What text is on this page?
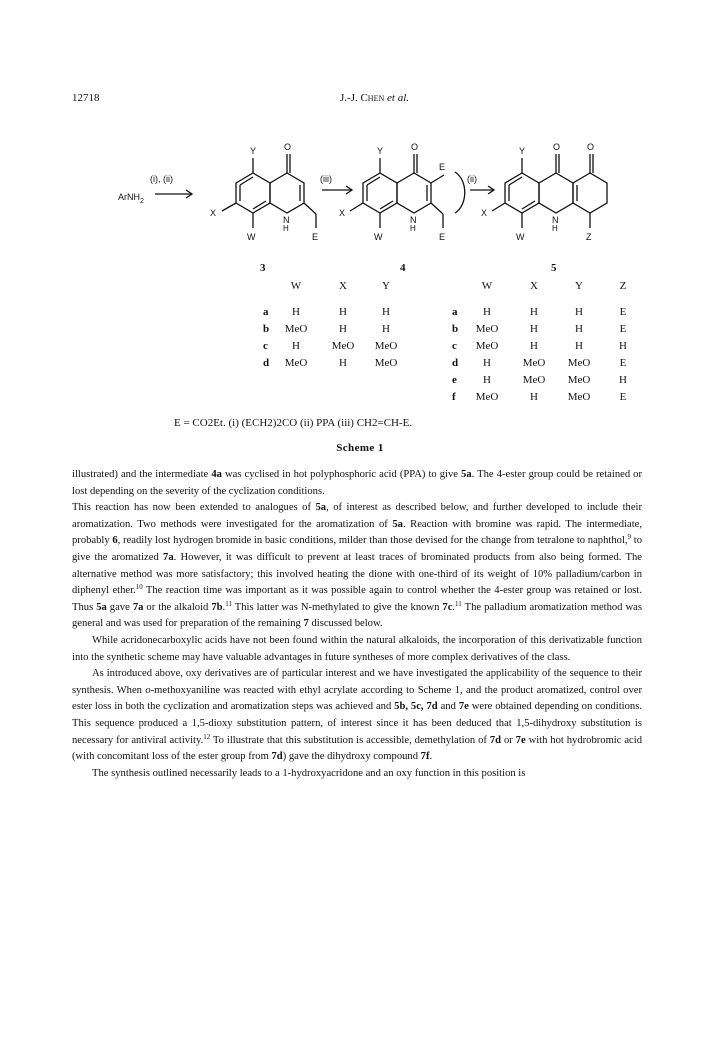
12718	J.-J. Chen et al.
(i), (ii)
ArNH$_2$
Y	O
X
W
N
H
E
(iii)
Y	O
X
W
N
H
E
E
(ii)
Y	O	O
X
W
N
H
Z
3	4	5
W	X	Y
a	H	H	H
b	MeO	H	H
c	H	MeO	MeO
d	MeO	H	MeO
W	X	Y	Z
a	H	H	H	E
b	MeO	H	H	E
c	MeO	H	H	H
d	H	MeO	MeO	E
e	H	MeO	MeO	H
f	MeO	H	MeO	E
E = CO2Et. (i) (ECH2)2CO (ii) PPA (iii) CH2=CH-E.
Scheme 1

illustrated) and the intermediate 4a was cyclised in hot polyphosphoric acid (PPA) to give 5a. The 4-ester group could be retained or lost depending on the severity of the cyclization conditions.

This reaction has now been extended to analogues of 5a, of interest as described below, and further developed to include their aromatization. Two methods were investigated for the aromatization of 5a. Reaction with bromine was rapid. The intermediate, probably 6, readily lost hydrogen bromide in basic conditions, milder than those devised for the change from tetralone to naphthol,$^9$ to give the aromatized 7a. However, it was difficult to prevent at least traces of brominated products from also being formed. The alternative method was more satisfactory; this involved heating the dione with one-third of its weight of 10% palladium/carbon in diphenyl ether.$^{10}$ The reaction time was important as it was possible again to control whether the 4-ester group was retained or lost. Thus 5a gave 7a or the alkaloid 7b.$^{11}$ This latter was N-methylated to give the known 7c.$^{11}$ The palladium aromatization method was general and was used for preparation of the remaining 7 discussed below.

While acridonecarboxylic acids have not been found within the natural alkaloids, the incorporation of this derivatizable function into the synthetic scheme may have valuable advantages in future syntheses of more complex derivatives of the class.

As introduced above, oxy derivatives are of particular interest and we have investigated the applicability of the sequence to their synthesis. When o-methoxyaniline was reacted with ethyl acrylate according to Scheme 1, and the product aromatized, control over ester loss in both the cyclization and aromatization steps was achieved and 5b, 5c, 7d and 7e were obtained depending on conditions. This sequence produced a 1,5-dioxy substitution pattern, of interest since it has been deduced that 1,5-dihydroxy substitution is necessary for antiviral activity.$^{12}$ To illustrate that this substitution is accessible, demethylation of 7d or 7e with hot hydrobromic acid (with concomitant loss of the ester group from 7d) gave the dihydroxy compound 7f.

The synthesis outlined necessarily leads to a 1-hydroxyacridone and an oxy function in this position is
